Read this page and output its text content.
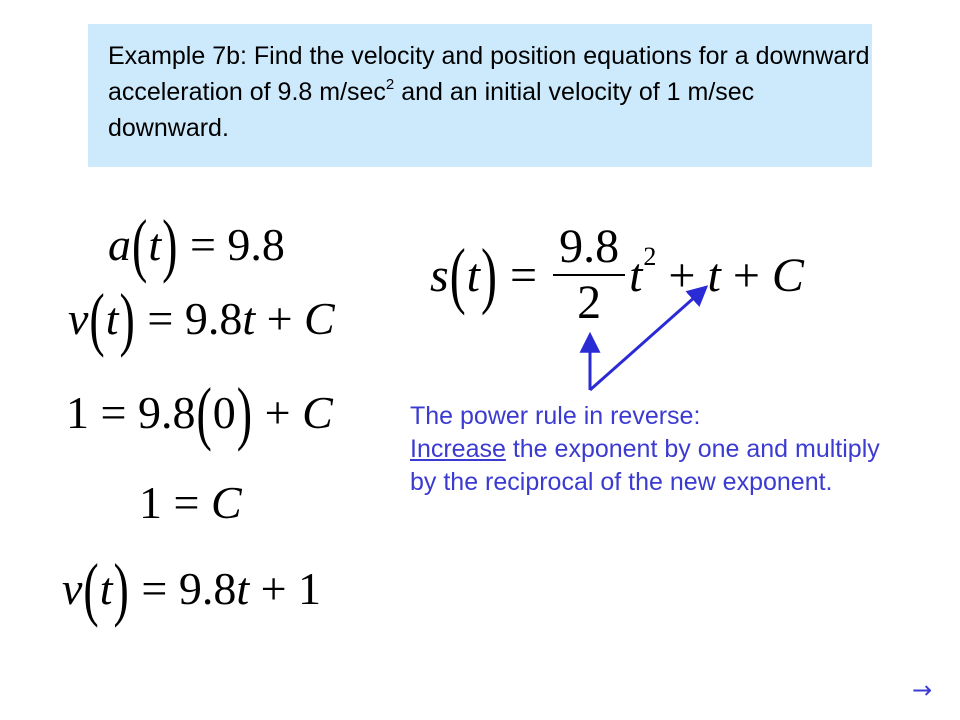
Example 7b: Find the velocity and position equations for a downward acceleration of 9.8 $m/\sec^2$ and an initial velocity of 1 m/sec downward.
a(t) = 9.8
v(t) = 9.8t + C
1 = 9.8(0) + C
1 = C
v(t) = 9.8t + 1
s ( t ) = $\frac{9.8}{2}$ t 2
+
t
+
C
The power rule in reverse:
Increase the exponent by one and multiply by the reciprocal of the new exponent.
→
